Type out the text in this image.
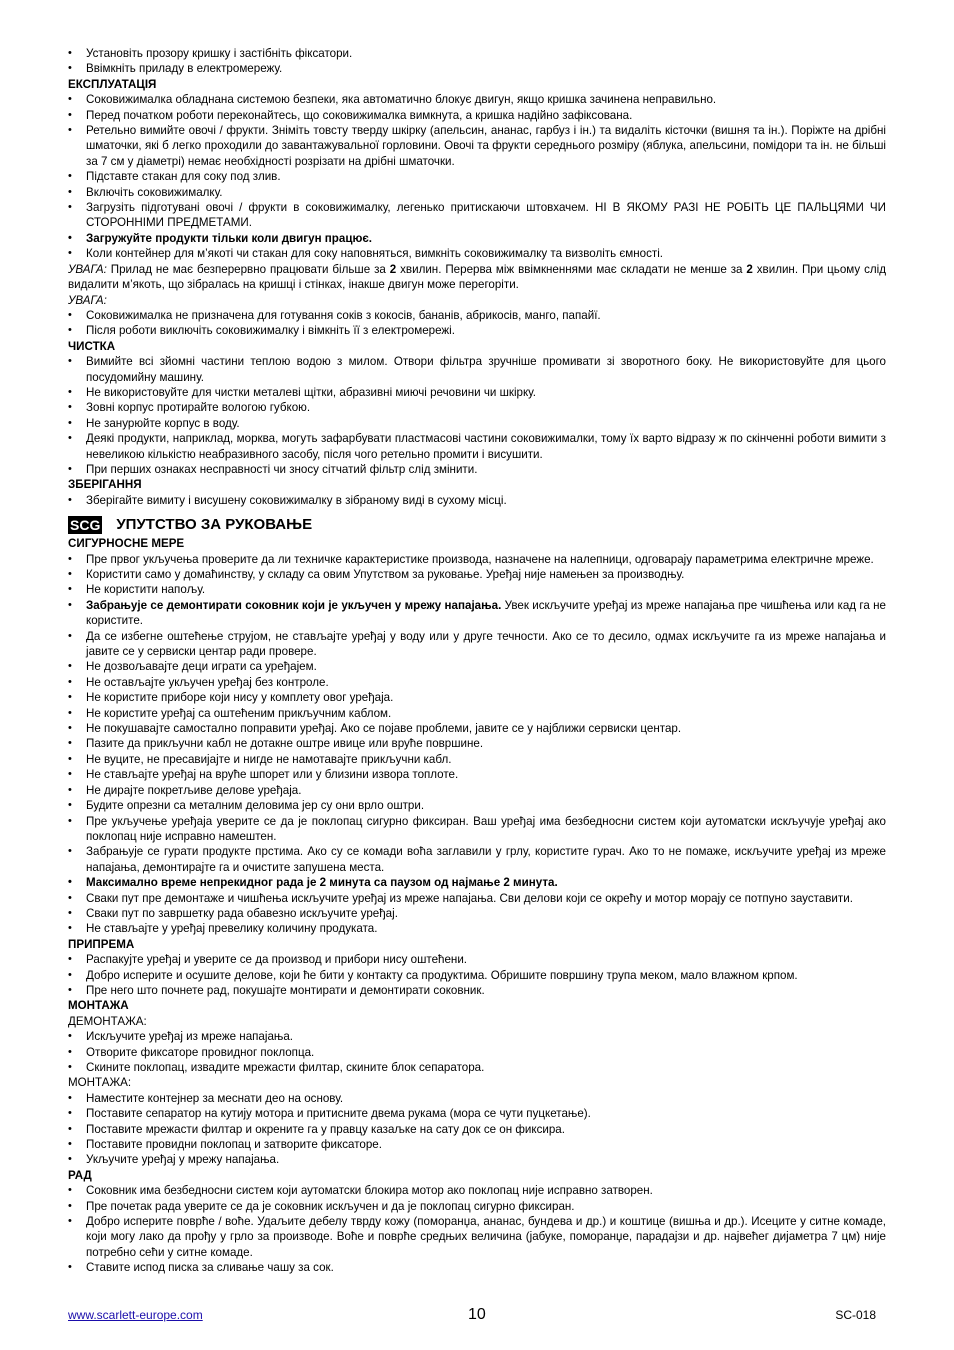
• Установіть прозору кришку і застібніть фіксатори.
• Ввімкніть приладу в електромережу.
ЕКСПЛУАТАЦІЯ
• Соковижималка обладнана системою безпеки, яка автоматично блокує двигун, якщо кришка зачинена неправильно.
• Перед початком роботи переконайтесь, що соковижималка вимкнута, а кришка надійно зафіксована.
• Ретельно вимийте овочі / фрукти. Зніміть товсту тверду шкірку (апельсин, ананас, гарбуз і ін.) та видаліть кісточки (вишня та ін.). Поріжте на дрібні шматочки, які б легко проходили до завантажувальної горловини. Овочі та фрукти середнього розміру (яблука, апельсини, помідори та ін. не більші за 7 см у діаметрі) немає необхідності розрізати на дрібні шматочки.
• Підставте стакан для соку под злив.
• Включіть соковижималку.
• Загрузіть підготувані овочі / фрукти в соковижималку, легенько притискаючи штовхачем. НІ В ЯКОМУ РАЗІ НЕ РОБІТЬ ЦЕ ПАЛЬЦЯМИ ЧИ СТОРОННІМИ ПРЕДМЕТАМИ.
• Загружуйте продукти тільки коли двигун працює.
• Коли контейнер для м’якоті чи стакан для соку наповняться, вимкніть соковижималку та визволіть ємності.
УВАГА: Прилад не має безперервно працювати більше за 2 хвилин. Перерва між ввімкненнями має складати не менше за 2 хвилин. При цьому слід видалити м’якоть, що зібралась на кришці і стінках, інакше двигун може перегоріти.
УВАГА:
• Соковижималка не призначена для готування соків з кокосів, бананів, абрикосів, манго, папайї.
• Після роботи виключіть соковижималку і вімкніть її з електромережі.
ЧИСТКА
• Вимийте всі зйомні частини теплою водою з милом. Отвори фільтра зручніше промивати зі зворотного боку. Не використовуйте для цього посудомийну машину.
• Не використовуйте для чистки металеві щітки, абразивні миючі речовини чи шкірку.
• Зовні корпус протирайте вологою губкою.
• Не занурюйте корпус в воду.
• Деякі продукти, наприклад, морква, могуть зафарбувати пластмасові частини соковижималки, тому їх варто відразу ж по скінченні роботи вимити з невеликою кількістю неабразивного засобу, після чого ретельно промити і висушити.
• При перших ознаках несправності чи зносу сітчатий фільтр слід змінити.
ЗБЕРІГАННЯ
• Зберігайте вимиту і висушену соковижималку в зібраному виді в сухому місці.
SCG УПУТСТВО ЗА РУКОВАЊЕ
СИГУРНОСНЕ МЕРЕ
• Пре првог укључења проверите да ли техничке карактеристике производа, назначене на налепници, одговарају параметрима електричне мреже.
• Користити само у домаћинству, у складу са овим Упутством за руковање. Уређај није намењен за производњу.
• Не користити напољу.
• Забрањује се демонтирати соковник који је укључен у мрежу напајања. Увек искључите уређај из мреже напајања пре чишћења или кад га не користите.
• Да се избегне оштећење струјом, не стављајте уређај у воду или у друге течности. Ако се то десило, одмах искључите га из мреже напајања и јавите се у сервиски центар ради провере.
• Не дозвољавајте деци играти са уређајем.
• Не остављајте укључен уређај без контроле.
• Не користите приборе који нису у комплету овог уређаја.
• Не користите уређај са оштећеним прикључним каблом.
• Не покушавајте самостално поправити уређај. Ако се појаве проблеми, јавите се у најближи сервиски центар.
• Пазите да прикључни кабл не дотакне оштре ивице или вруће површине.
• Не вуците, не пресавијајте и нигде не намотавајте прикључни кабл.
• Не стављајте уређај на вруће шпорет или у близини извора топлоте.
• Не дирајте покретљиве делове уређаја.
• Будите опрезни са металним деловима јер су они врло оштри.
• Пре укључење уређаја уверите се да је поклопац сигурно фиксиран. Ваш уређај има безбедносни систем који аутоматски искључује уређај ако поклопац није исправно намештен.
• Забрањује се гурати продукте прстима. Ако су се комади воћа заглавили у грлу, користите гурач. Ако то не помаже, искључите уређај из мреже напајања, демонтирајте га и очистите запушена места.
• Максимално време непрекидног рада је 2 минута са паузом од најмање 2 минута.
• Сваки пут пре демонтаже и чишћења искључите уређај из мреже напајања. Сви делови који се окрећу и мотор морају се потпуно зауставити.
• Сваки пут по завршетку рада обавезно искључите уређај.
• Не стављајте у уређај превелику количину продуката.
ПРИПРЕМА
• Распакујте уређај и уверите се да производ и прибори нису оштећени.
• Добро исперите и осушите делове, који ће бити у контакту са продуктима. Обришите површину трупа меком, мало влажном крпом.
• Пре него што почнете рад, покушајте монтирати и демонтирати соковник.
МОНТАЖА
ДЕМОНТАЖА:
• Искључите уређај из мреже напајања.
• Отворите фиксаторе провидног поклопца.
• Скините поклопац, извадите мрежасти филтар, скините блок сепаратора.
МОНТАЖА:
• Наместите контејнер за меснати део на основу.
• Поставите сепаратор на кутију мотора и притисните двема рукама (мора се чути пуцкетање).
• Поставите мрежасти филтар и окрените га у правцу казаљке на сату док се он фиксира.
• Поставите провидни поклопац и затворите фиксаторе.
• Укључите уређај у мрежу напајања.
РАД
• Соковник има безбедносни систем који аутоматски блокира мотор ако поклопац није исправно затворен.
• Пре почетак рада уверите се да је соковник искључен и да је поклопац сигурно фиксиран.
• Добро исперите поврће / воће. Удаљите дебелу тврду кожу (поморанџа, ананас, бундева и др.) и коштице (вишња и др.). Исеците у ситне комаде, који могу лако да прођу у грло за производе. Воће и поврће средњих величина (јабуке, поморанџе, парадајзи и др. највећег дијаметра 7 цм) није потребно сећи у ситне комаде.
• Ставите испод писка за сливање чашу за сок.
www.scarlett-europe.com	10	SC-018
